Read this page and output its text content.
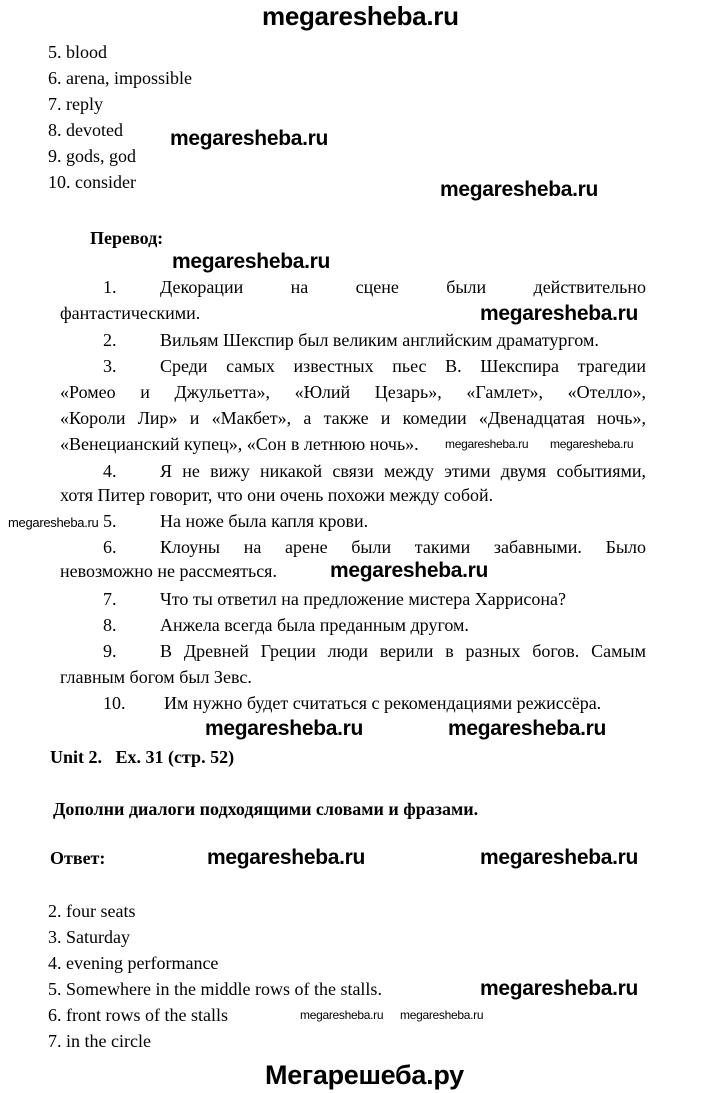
megaresheba.ru
5. blood
6. arena, impossible
7. reply
8. devoted
9. gods, god
10. consider
megaresheba.ru
megaresheba.ru
Перевод:
megaresheba.ru
1. Декорации на сцене были действительно
фантастическими.	megaresheba.ru
2. Вильям Шекспир был великим английским драматургом.
3. Среди самых известных пьес В. Шекспира трагедии
«Ромео и Джульетта», «Юлий Цезарь», «Гамлет», «Отелло»,
«Короли Лир» и «Макбет», а также и комедии «Двенадцатая ночь»,
«Венецианский купец», «Сон в летнюю ночь». megaresheba.ru megaresheba.ru
4. Я не вижу никакой связи между этими двумя событиями,
хотя Питер говорит, что они очень похожи между собой.
5. На ноже была капля крови.
megaresheba.ru
6. Клоуны на арене были такими забавными. Было
невозможно не рассмеяться.	megaresheba.ru
7. Что ты ответил на предложение мистера Харрисона?
8. Анжела всегда была преданным другом.
9. В Древней Греции люди верили в разных богов. Самым
главным богом был Зевс.
10. Им нужно будет считаться с рекомендациями режиссёра.
megaresheba.ru	megaresheba.ru
Unit 2.   Ex. 31 (стр. 52)
Дополни диалоги подходящими словами и фразами.
Ответ:	megaresheba.ru	megaresheba.ru
2. four seats
3. Saturday
4. evening performance
5. Somewhere in the middle rows of the stalls.
6. front rows of the stalls
7. in the circle
megaresheba.ru megaresheba.ru
megaresheba.ru
Мегарешеба.ру
